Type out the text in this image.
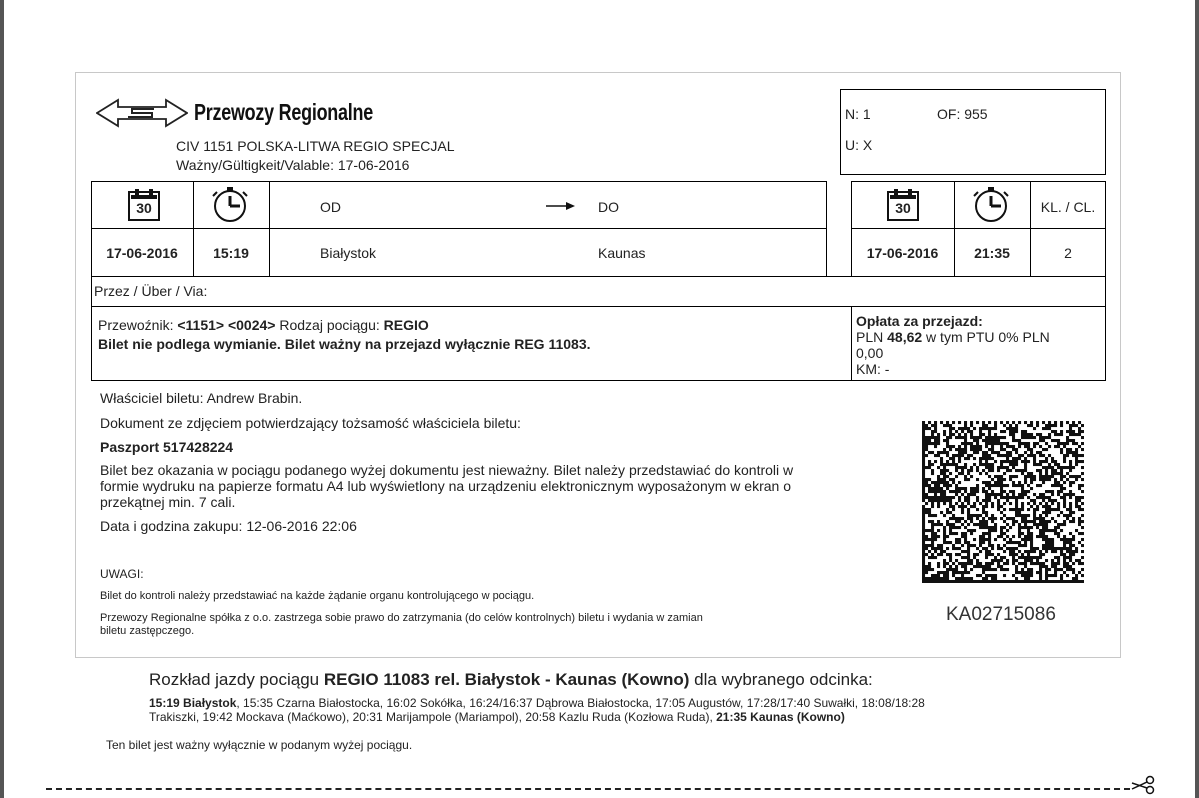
Przewozy Regionalne
CIV 1151 POLSKA-LITWA REGIO SPECJAL
Ważny/Gültigkeit/Valable: 17-06-2016
N: 1	OF: 955
U: X
30	OD	DO
17-06-2016	15:19	Białystok	Kaunas
30	KL. / CL.
17-06-2016	21:35	2
Przez / Über / Via:
Przewoźnik: <1151> <0024> Rodzaj pociągu: REGIO
Bilet nie podlega wymianie. Bilet ważny na przejazd wyłącznie REG 11083.
Opłata za przejazd:
PLN 48,62 w tym PTU 0% PLN
0,00
KM: -
Właściciel biletu: Andrew Brabin.
Dokument ze zdjęciem potwierdzający tożsamość właściciela biletu:
Paszport 517428224
Bilet bez okazania w pociągu podanego wyżej dokumentu jest nieważny. Bilet należy przedstawiać do kontroli w
formie wydruku na papierze formatu A4 lub wyświetlony na urządzeniu elektronicznym wyposażonym w ekran o
przekątnej min. 7 cali.
Data i godzina zakupu: 12-06-2016 22:06
UWAGI:
Bilet do kontroli należy przedstawiać na każde żądanie organu kontrolującego w pociągu.
Przewozy Regionalne spółka z o.o. zastrzega sobie prawo do zatrzymania (do celów kontrolnych) biletu i wydania w zamian
biletu zastępczego.
KA02715086
Rozkład jazdy pociągu REGIO 11083 rel. Białystok - Kaunas (Kowno) dla wybranego odcinka:
15:19 Białystok, 15:35 Czarna Białostocka, 16:02 Sokółka, 16:24/16:37 Dąbrowa Białostocka, 17:05 Augustów, 17:28/17:40 Suwałki, 18:08/18:28
Trakiszki, 19:42 Mockava (Maćkowo), 20:31 Marijampole (Mariampol), 20:58 Kazlu Ruda (Kozłowa Ruda), 21:35 Kaunas (Kowno)
Ten bilet jest ważny wyłącznie w podanym wyżej pociągu.
